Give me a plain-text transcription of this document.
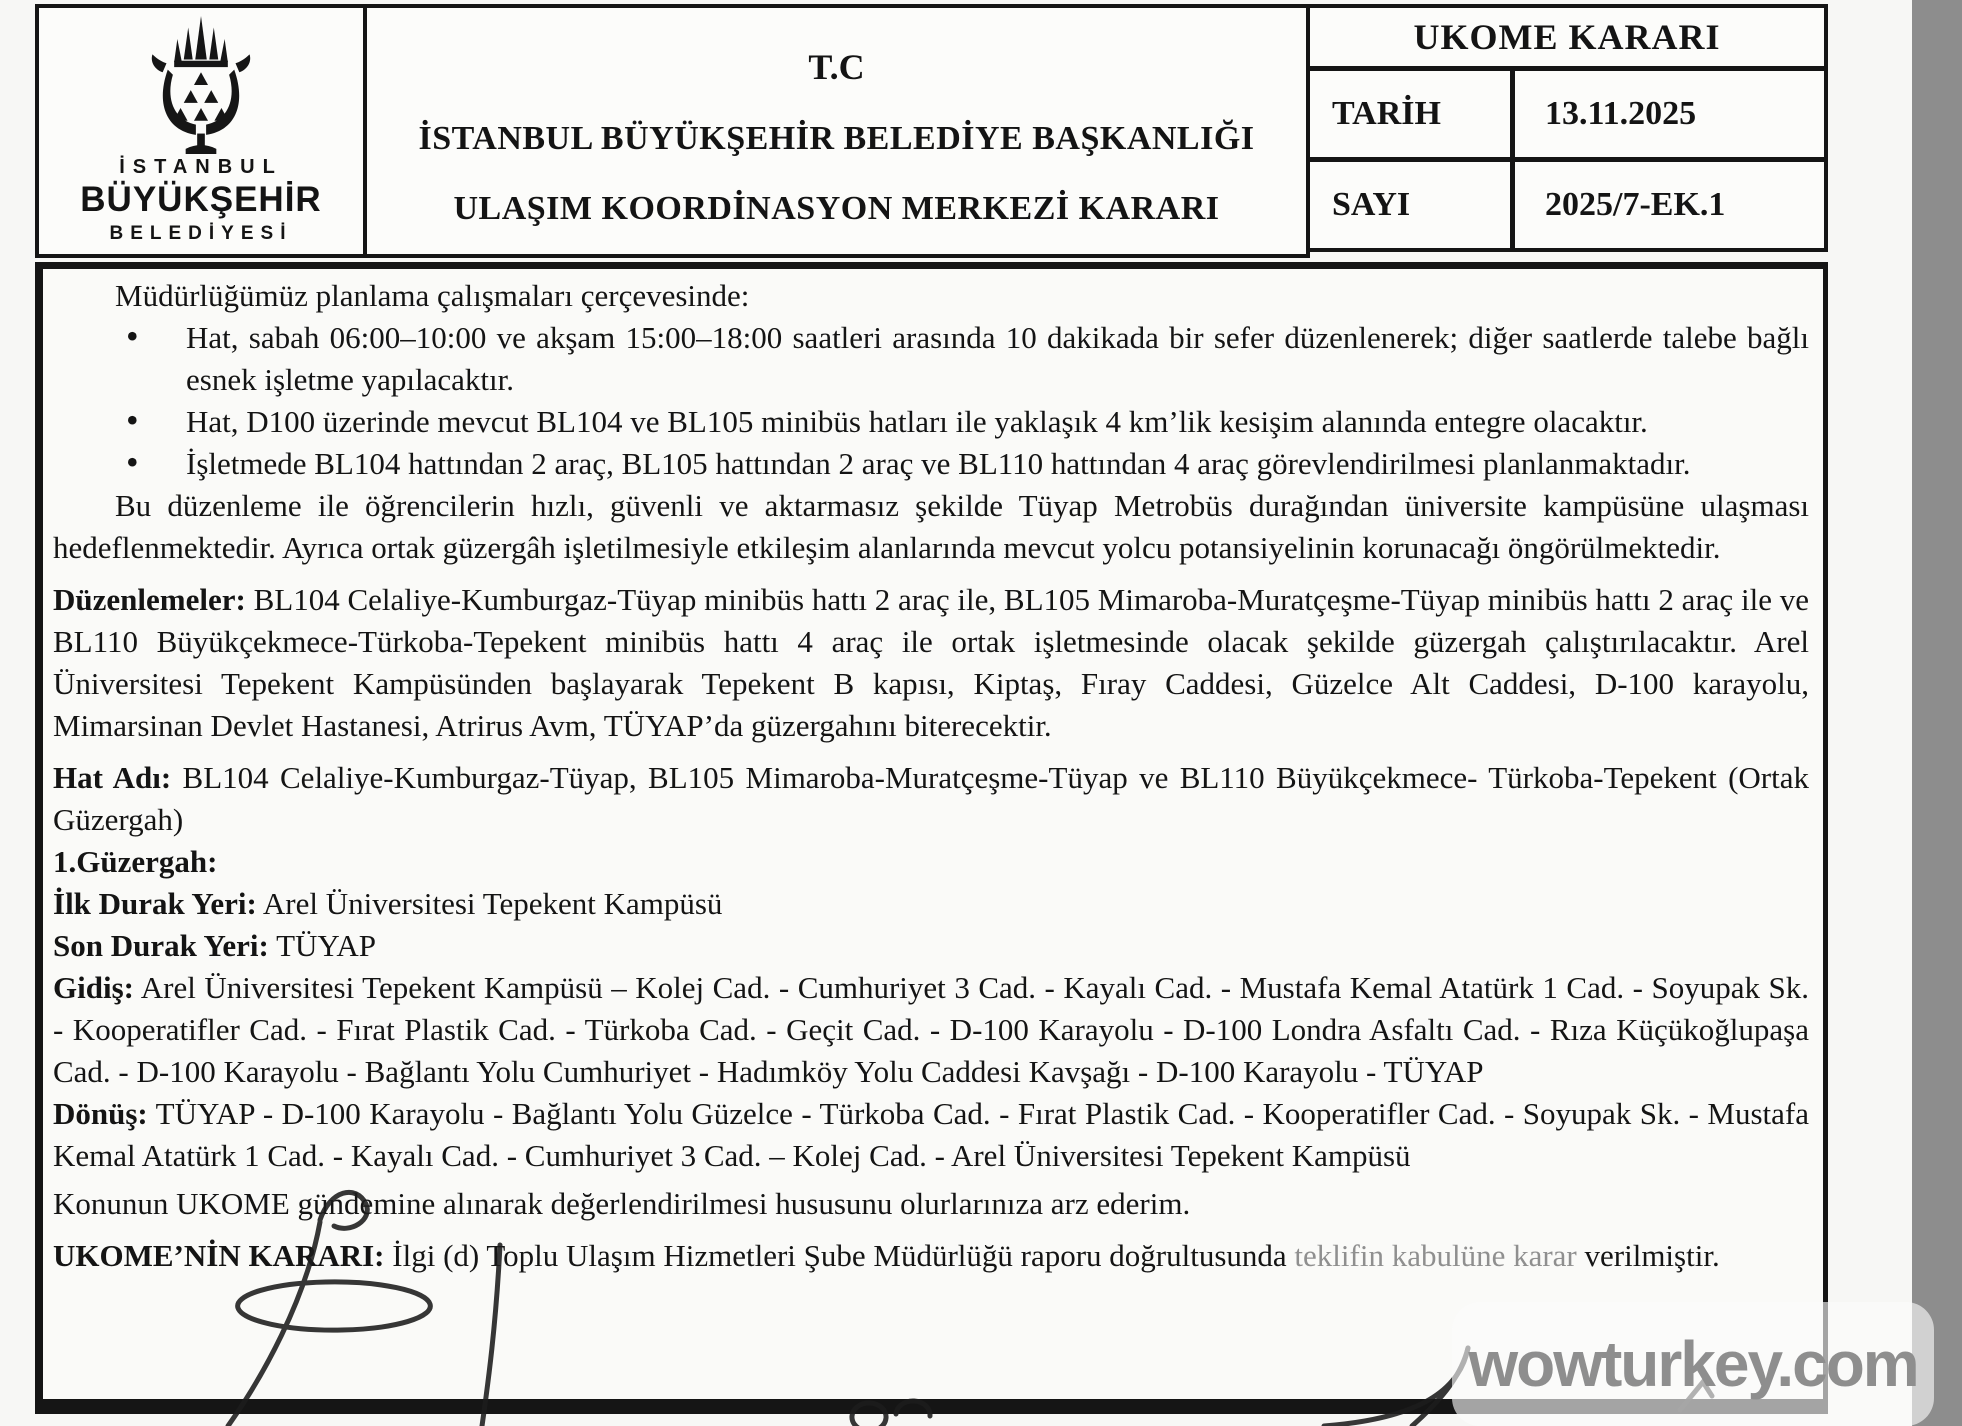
İSTANBUL
BÜYÜKŞEHİR
BELEDİYESİ
T.C
İSTANBUL BÜYÜKŞEHİR BELEDİYE BAŞKANLIĞI
ULAŞIM KOORDİNASYON MERKEZİ KARARI
UKOME KARARI
TARİH	13.11.2025
SAYI	2025/7-EK.1

Müdürlüğümüz planlama çalışmaları çerçevesinde:

• Hat, sabah 06:00–10:00 ve akşam 15:00–18:00 saatleri arasında 10 dakikada bir sefer düzenlenerek; diğer saatlerde talebe bağlı esnek işletme yapılacaktır.
• Hat, D100 üzerinde mevcut BL104 ve BL105 minibüs hatları ile yaklaşık 4 km’lik kesişim alanında entegre olacaktır.
• İşletmede BL104 hattından 2 araç, BL105 hattından 2 araç ve BL110 hattından 4 araç görevlendirilmesi planlanmaktadır.

Bu düzenleme ile öğrencilerin hızlı, güvenli ve aktarmasız şekilde Tüyap Metrobüs durağından üniversite kampüsüne ulaşması hedeflenmektedir. Ayrıca ortak güzergâh işletilmesiyle etkileşim alanlarında mevcut yolcu potansiyelinin korunacağı öngörülmektedir.

Düzenlemeler: BL104 Celaliye-Kumburgaz-Tüyap minibüs hattı 2 araç ile, BL105 Mimaroba-Muratçeşme-Tüyap minibüs hattı 2 araç ile ve BL110 Büyükçekmece-Türkoba-Tepekent minibüs hattı 4 araç ile ortak işletmesinde olacak şekilde güzergah çalıştırılacaktır. Arel Üniversitesi Tepekent Kampüsünden başlayarak Tepekent B kapısı, Kiptaş, Fıray Caddesi, Güzelce Alt Caddesi, D-100 karayolu, Mimarsinan Devlet Hastanesi, Atrirus Avm, TÜYAP’da güzergahını biterecektir.

Hat Adı: BL104 Celaliye-Kumburgaz-Tüyap, BL105 Mimaroba-Muratçeşme-Tüyap ve BL110 Büyükçekmece- Türkoba-Tepekent (Ortak Güzergah)

1.Güzergah:

İlk Durak Yeri: Arel Üniversitesi Tepekent Kampüsü

Son Durak Yeri: TÜYAP

Gidiş: Arel Üniversitesi Tepekent Kampüsü – Kolej Cad. - Cumhuriyet 3 Cad. - Kayalı Cad. - Mustafa Kemal Atatürk 1 Cad. - Soyupak Sk. - Kooperatifler Cad. - Fırat Plastik Cad. - Türkoba Cad. - Geçit Cad. - D-100 Karayolu - D-100 Londra Asfaltı Cad. - Rıza Küçükoğlupaşa Cad. - D-100 Karayolu - Bağlantı Yolu Cumhuriyet - Hadımköy Yolu Caddesi Kavşağı - D-100 Karayolu - TÜYAP

Dönüş: TÜYAP - D-100 Karayolu - Bağlantı Yolu Güzelce - Türkoba Cad. - Fırat Plastik Cad. - Kooperatifler Cad. - Soyupak Sk. - Mustafa Kemal Atatürk 1 Cad. - Kayalı Cad. - Cumhuriyet 3 Cad. – Kolej Cad. - Arel Üniversitesi Tepekent Kampüsü

Konunun UKOME gündemine alınarak değerlendirilmesi hususunu olurlarınıza arz ederim.

UKOME’NİN KARARI: İlgi (d) Toplu Ulaşım Hizmetleri Şube Müdürlüğü raporu doğrultusunda teklifin kabulüne karar verilmiştir.

wowturkey.com
